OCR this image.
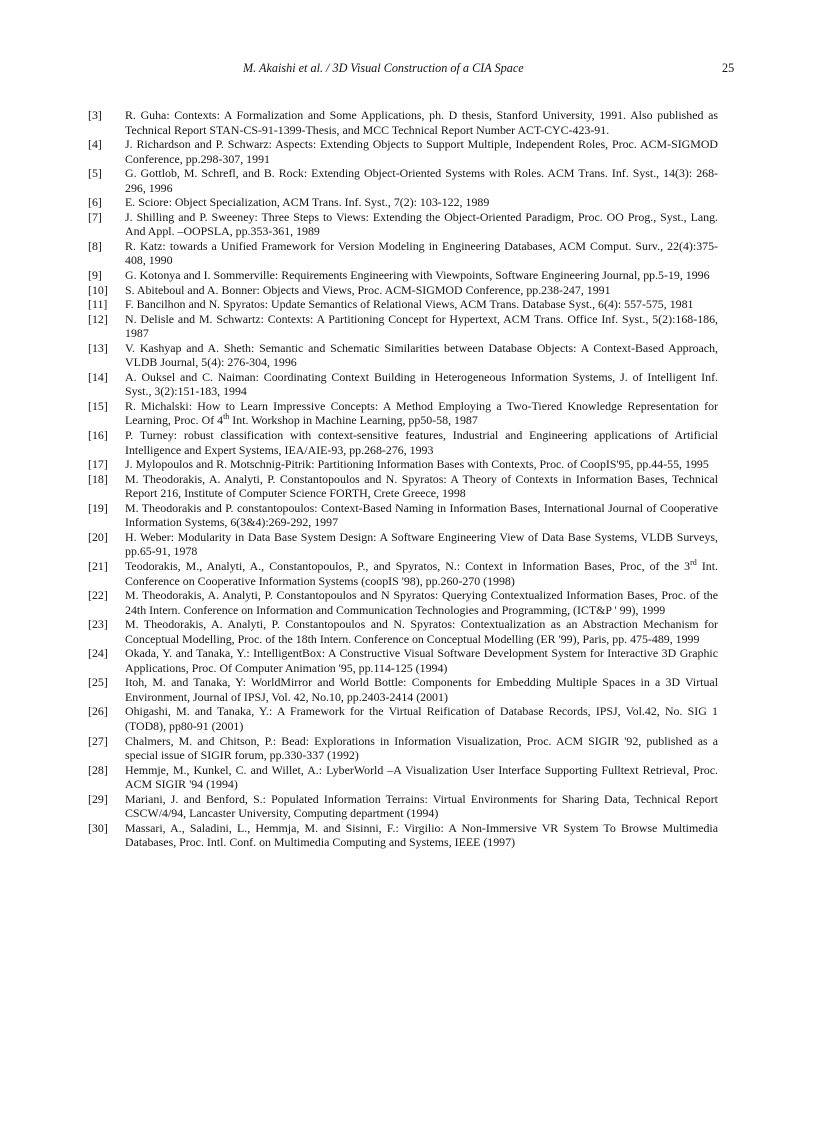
M. Akaishi et al. / 3D Visual Construction of a CIA Space	25
[3] R. Guha: Contexts: A Formalization and Some Applications, ph. D thesis, Stanford University, 1991. Also published as Technical Report STAN-CS-91-1399-Thesis, and MCC Technical Report Number ACT-CYC-423-91.
[4] J. Richardson and P. Schwarz: Aspects: Extending Objects to Support Multiple, Independent Roles, Proc. ACM-SIGMOD Conference, pp.298-307, 1991
[5] G. Gottlob, M. Schrefl, and B. Rock: Extending Object-Oriented Systems with Roles. ACM Trans. Inf. Syst., 14(3): 268-296, 1996
[6] E. Sciore: Object Specialization, ACM Trans. Inf. Syst., 7(2): 103-122, 1989
[7] J. Shilling and P. Sweeney: Three Steps to Views: Extending the Object-Oriented Paradigm, Proc. OO Prog., Syst., Lang. And Appl. –OOPSLA, pp.353-361, 1989
[8] R. Katz: towards a Unified Framework for Version Modeling in Engineering Databases, ACM Comput. Surv., 22(4):375-408, 1990
[9] G. Kotonya and I. Sommerville: Requirements Engineering with Viewpoints, Software Engineering Journal, pp.5-19, 1996
[10] S. Abiteboul and A. Bonner: Objects and Views, Proc. ACM-SIGMOD Conference, pp.238-247, 1991
[11] F. Bancilhon and N. Spyratos: Update Semantics of Relational Views, ACM Trans. Database Syst., 6(4): 557-575, 1981
[12] N. Delisle and M. Schwartz: Contexts: A Partitioning Concept for Hypertext, ACM Trans. Office Inf. Syst., 5(2):168-186, 1987
[13] V. Kashyap and A. Sheth: Semantic and Schematic Similarities between Database Objects: A Context-Based Approach, VLDB Journal, 5(4): 276-304, 1996
[14] A. Ouksel and C. Naiman: Coordinating Context Building in Heterogeneous Information Systems, J. of Intelligent Inf. Syst., 3(2):151-183, 1994
[15] R. Michalski: How to Learn Impressive Concepts: A Method Employing a Two-Tiered Knowledge Representation for Learning, Proc. Of 4th Int. Workshop in Machine Learning, pp50-58, 1987
[16] P. Turney: robust classification with context-sensitive features, Industrial and Engineering applications of Artificial Intelligence and Expert Systems, IEA/AIE-93, pp.268-276, 1993
[17] J. Mylopoulos and R. Motschnig-Pitrik: Partitioning Information Bases with Contexts, Proc. of CoopIS'95, pp.44-55, 1995
[18] M. Theodorakis, A. Analyti, P. Constantopoulos and N. Spyratos: A Theory of Contexts in Information Bases, Technical Report 216, Institute of Computer Science FORTH, Crete Greece, 1998
[19] M. Theodorakis and P. constantopoulos: Context-Based Naming in Information Bases, International Journal of Cooperative Information Systems, 6(3&4):269-292, 1997
[20] H. Weber: Modularity in Data Base System Design: A Software Engineering View of Data Base Systems, VLDB Surveys, pp.65-91, 1978
[21] Teodorakis, M., Analyti, A., Constantopoulos, P., and Spyratos, N.: Context in Information Bases, Proc, of the 3rd Int. Conference on Cooperative Information Systems (coopIS '98), pp.260-270 (1998)
[22] M. Theodorakis, A. Analyti, P. Constantopoulos and N Spyratos: Querying Contextualized Information Bases, Proc. of the 24th Intern. Conference on Information and Communication Technologies and Programming, (ICT&P ' 99), 1999
[23] M. Theodorakis, A. Analyti, P. Constantopoulos and N. Spyratos: Contextualization as an Abstraction Mechanism for Conceptual Modelling, Proc. of the 18th Intern. Conference on Conceptual Modelling (ER '99), Paris, pp. 475-489, 1999
[24] Okada, Y. and Tanaka, Y.: IntelligentBox: A Constructive Visual Software Development System for Interactive 3D Graphic Applications, Proc. Of Computer Animation '95, pp.114-125 (1994)
[25] Itoh, M. and Tanaka, Y: WorldMirror and World Bottle: Components for Embedding Multiple Spaces in a 3D Virtual Environment, Journal of IPSJ, Vol. 42, No.10, pp.2403-2414 (2001)
[26] Ohigashi, M. and Tanaka, Y.: A Framework for the Virtual Reification of Database Records, IPSJ, Vol.42, No. SIG 1 (TOD8), pp80-91 (2001)
[27] Chalmers, M. and Chitson, P.: Bead: Explorations in Information Visualization, Proc. ACM SIGIR '92, published as a special issue of SIGIR forum, pp.330-337 (1992)
[28] Hemmje, M., Kunkel, C. and Willet, A.: LyberWorld –A Visualization User Interface Supporting Fulltext Retrieval, Proc. ACM SIGIR '94 (1994)
[29] Mariani, J. and Benford, S.: Populated Information Terrains: Virtual Environments for Sharing Data, Technical Report CSCW/4/94, Lancaster University, Computing department (1994)
[30] Massari, A., Saladini, L., Hemmja, M. and Sisinni, F.: Virgilio: A Non-Immersive VR System To Browse Multimedia Databases, Proc. Intl. Conf. on Multimedia Computing and Systems, IEEE (1997)
